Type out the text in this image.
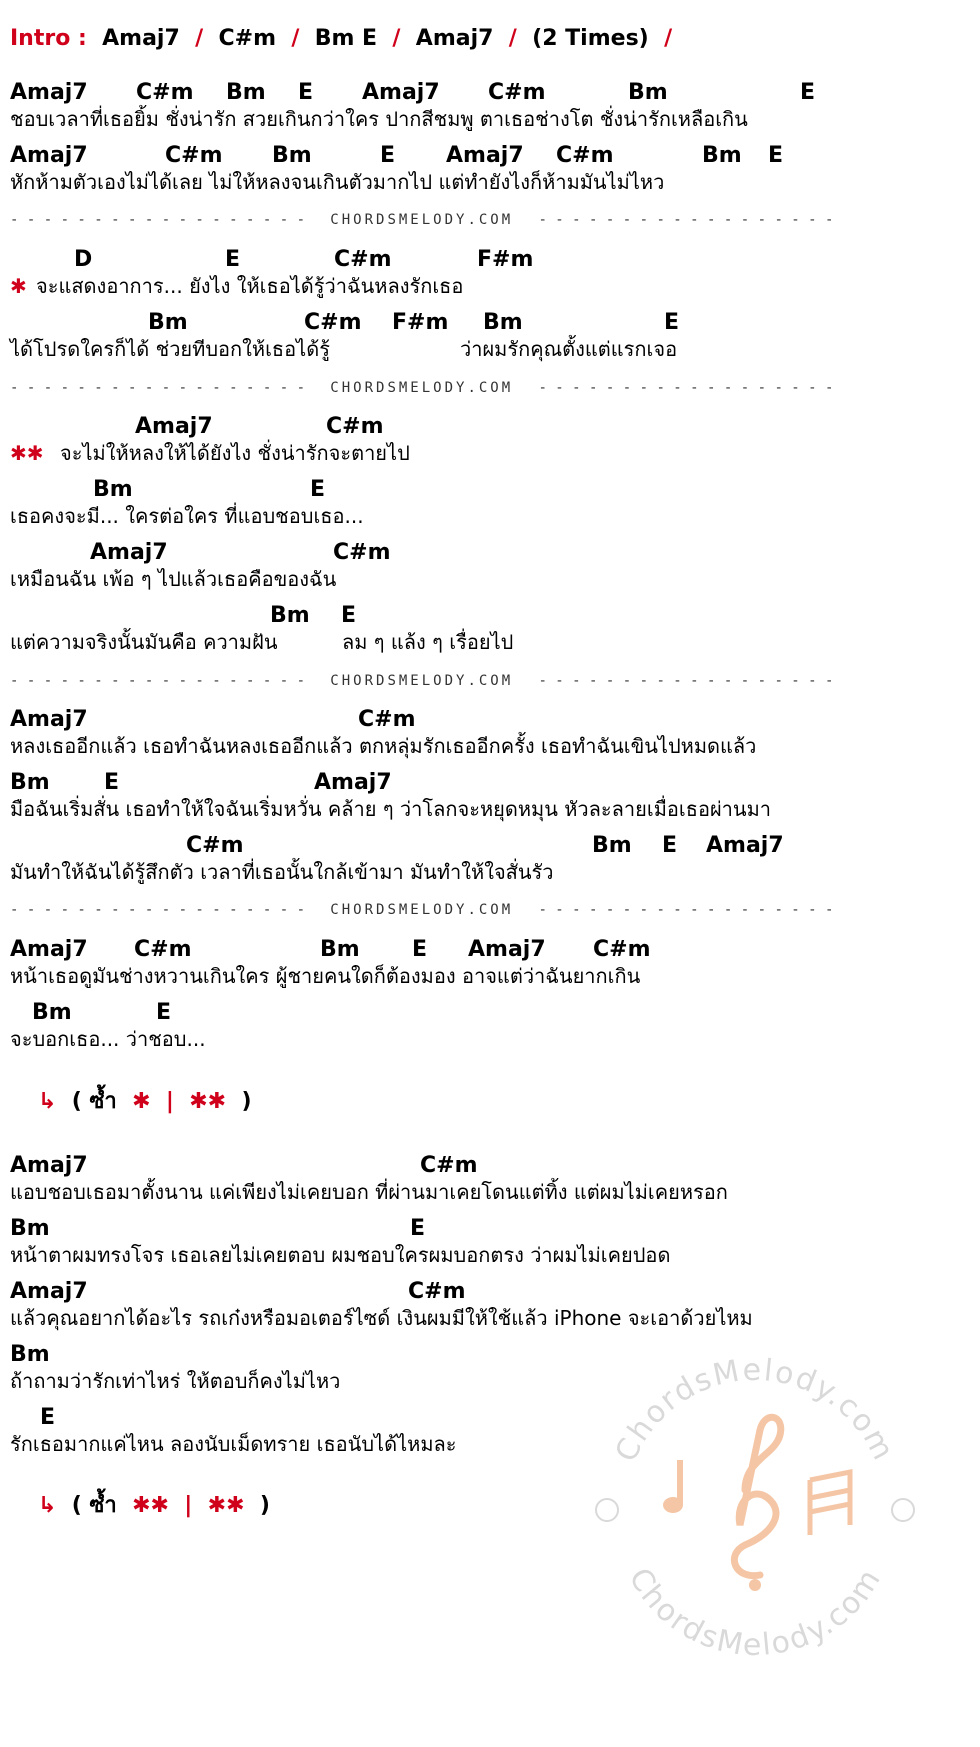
Intro : Amaj7 / C#m / Bm E / Amaj7 / (2 Times) /
Amaj7 C#m Bm E Amaj7 C#m	Bm	E
ชอบเวลาที่เธอยิ้ม ชั่งน่ารัก สวยเกินกว่าใคร ปากสีชมพู ตาเธอช่างโต ชั่งน่ารักเหลือเกิน
Amaj7	C#m Bm	E Amaj7 C#m	Bm E
หักห้ามตัวเองไม่ได้เลย ไม่ให้หลงจนเกินตัวมากไป แต่ทำยังไงก็ห้ามมันไม่ไหว
- - - - - - - - - - - - - - - - - -   CHORDSMELODY.COM   - - - - - - - - - - - - - - - - - -
D	E	C#m	F#m
✱ จะแสดงอาการ... ยังไง ให้เธอได้รู้ว่าฉันหลงรักเธอ
Bm	C#m F#m Bm	E
ได้โปรดใครก็ได้ ช่วยทีบอกให้เธอได้รู้	ว่าผมรักคุณตั้งแต่แรกเจอ
- - - - - - - - - - - - - - - - - -   CHORDSMELODY.COM   - - - - - - - - - - - - - - - - - -
Amaj7	C#m
✱✱ จะไม่ให้หลงให้ได้ยังไง ชั่งน่ารักจะตายไป
Bm	E
เธอคงจะมี... ใครต่อใคร ที่แอบชอบเธอ...
Amaj7	C#m
เหมือนฉัน เพ้อ ๆ ไปแล้วเธอคือของฉัน
Bm E
แต่ความจริงนั้นมันคือ ความฝัน	ลม ๆ แล้ง ๆ เรื่อยไป
- - - - - - - - - - - - - - - - - -   CHORDSMELODY.COM   - - - - - - - - - - - - - - - - - -
Amaj7	C#m
หลงเธออีกแล้ว เธอทำฉันหลงเธออีกแล้ว ตกหลุ่มรักเธออีกครั้ง เธอทำฉันเขินไปหมดแล้ว
Bm E	Amaj7
มือฉันเริ่มสั่น เธอทำให้ใจฉันเริ่มหวั่น คล้าย ๆ ว่าโลกจะหยุดหมุน หัวละลายเมื่อเธอผ่านมา
C#m	Bm E Amaj7
มันทำให้ฉันได้รู้สึกตัว เวลาที่เธอนั้นใกล้เข้ามา มันทำให้ใจสั่นรัว
- - - - - - - - - - - - - - - - - -   CHORDSMELODY.COM   - - - - - - - - - - - - - - - - - -
Amaj7 C#m	Bm E Amaj7 C#m
หน้าเธอดูมันช่างหวานเกินใคร ผู้ชายคนใดก็ต้องมอง อาจแต่ว่าฉันยากเกิน
Bm	E
จะบอกเธอ... ว่าชอบ...
↳ ( ซ้ำ ✱ | ✱✱ )
Amaj7	C#m
แอบชอบเธอมาตั้งนาน แค่เพียงไม่เคยบอก ที่ผ่านมาเคยโดนแต่ทิ้ง แต่ผมไม่เคยหรอก
Bm	E
หน้าตาผมทรงโจร เธอเลยไม่เคยตอบ ผมชอบใครผมบอกตรง ว่าผมไม่เคยปอด
Amaj7	C#m
แล้วคุณอยากได้อะไร รถเก๋งหรือมอเตอร์ไซด์ เงินผมมีให้ใช้แล้ว iPhone จะเอาด้วยไหม
Bm
ถ้าถามว่ารักเท่าไหร่ ให้ตอบก็คงไม่ไหว
E
รักเธอมากแค่ไหน ลองนับเม็ดทราย เธอนับได้ไหมละ
↳ ( ซ้ำ ✱✱ | ✱✱ )
ChordsMelody.com
ChordsMelody.com
